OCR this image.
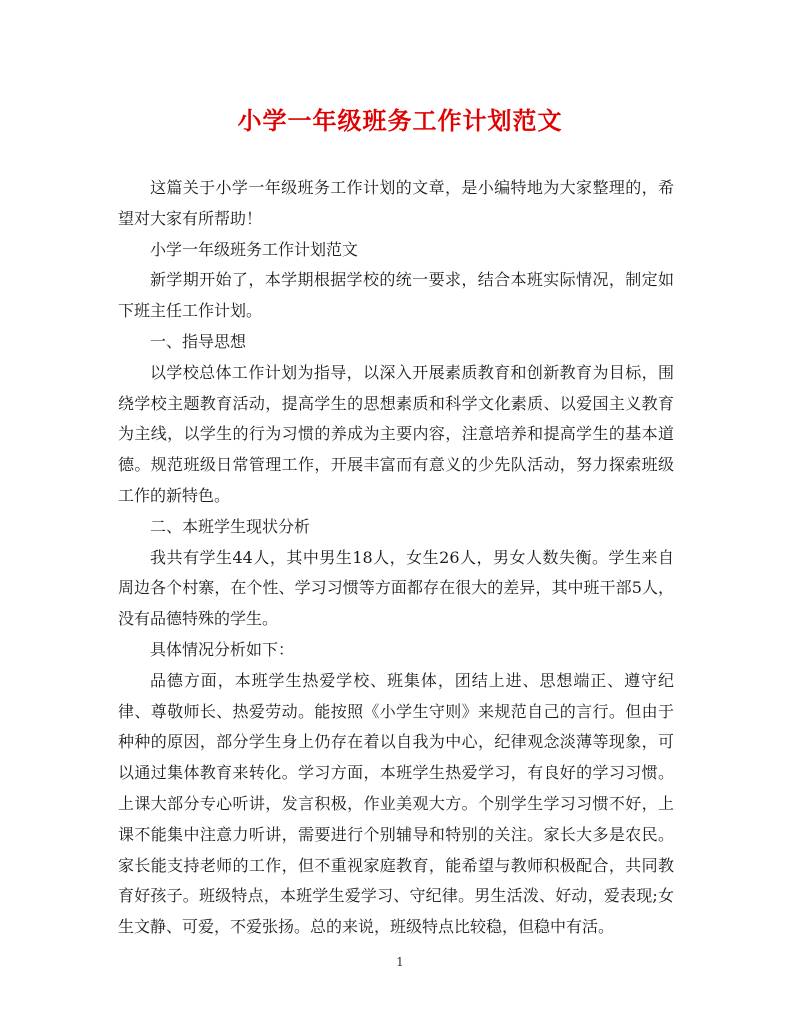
小学一年级班务工作计划范文

这篇关于小学一年级班务工作计划的文章，是小编特地为大家整理的，希望对大家有所帮助！

小学一年级班务工作计划范文

新学期开始了，本学期根据学校的统一要求，结合本班实际情况，制定如下班主任工作计划。

一、指导思想

以学校总体工作计划为指导，以深入开展素质教育和创新教育为目标，围绕学校主题教育活动，提高学生的思想素质和科学文化素质、以爱国主义教育为主线，以学生的行为习惯的养成为主要内容，注意培养和提高学生的基本道德。规范班级日常管理工作，开展丰富而有意义的少先队活动，努力探索班级工作的新特色。

二、本班学生现状分析

我共有学生44人，其中男生18人，女生26人，男女人数失衡。学生来自周边各个村寨，在个性、学习习惯等方面都存在很大的差异，其中班干部5人，没有品德特殊的学生。

具体情况分析如下：

品德方面，本班学生热爱学校、班集体，团结上进、思想端正、遵守纪律、尊敬师长、热爱劳动。能按照《小学生守则》来规范自己的言行。但由于种种的原因，部分学生身上仍存在着以自我为中心，纪律观念淡薄等现象，可以通过集体教育来转化。学习方面，本班学生热爱学习，有良好的学习习惯。上课大部分专心听讲，发言积极，作业美观大方。个别学生学习习惯不好，上课不能集中注意力听讲，需要进行个别辅导和特别的关注。家长大多是农民。家长能支持老师的工作，但不重视家庭教育，能希望与教师积极配合，共同教育好孩子。班级特点，本班学生爱学习、守纪律。男生活泼、好动，爱表现;女生文静、可爱，不爱张扬。总的来说，班级特点比较稳，但稳中有活。

1
